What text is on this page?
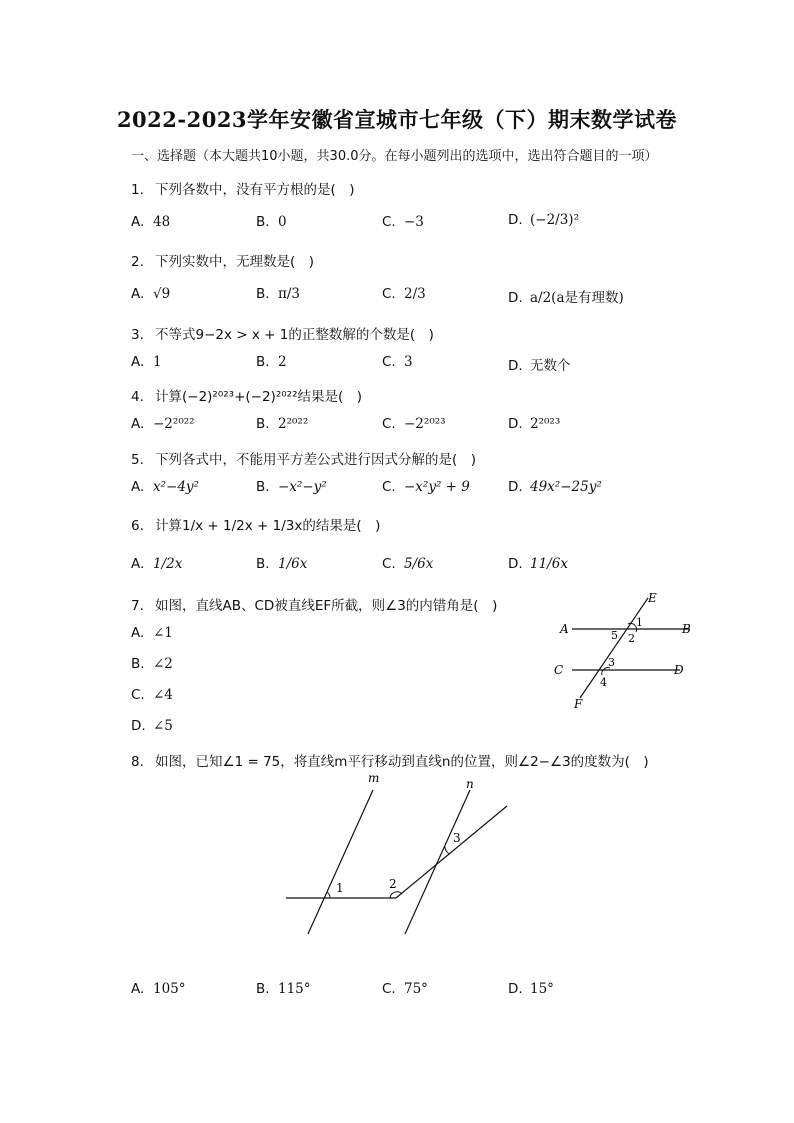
2022-2023学年安徽省宣城市七年级（下）期末数学试卷
一、选择题（本大题共10小题，共30.0分。在每小题列出的选项中，选出符合题目的一项）
1. 下列各数中，没有平方根的是(　)
A. 48	B. 0	C. −3	D. (−2/3)²
2. 下列实数中，无理数是(　)
A. √9	B. π/3	C. 2/3	D. a/2(a是有理数)
3. 不等式9−2x > x + 1的正整数解的个数是(　)
A. 1	B. 2	C. 3	D. 无数个
4. 计算(−2)²⁰²³+(−2)²⁰²²结果是(　)
A. −2²⁰²²	B. 2²⁰²²	C. −2²⁰²³	D. 2²⁰²³
5. 下列各式中，不能用平方差公式进行因式分解的是(　)
A. x²−4y²	B. −x²−y²	C. −x²y² + 9	D. 49x²−25y²
6. 计算1/x + 1/2x + 1/3x的结果是(　)
A. 1/2x	B. 1/6x	C. 5/6x	D. 11/6x
7. 如图，直线AB、CD被直线EF所截，则∠3的内错角是(　)
A. ∠1
B. ∠2
C. ∠4
D. ∠5
E
A	B
1
5 2
C	D
3
4
F
8. 如图，已知∠1 = 75，将直线m平行移动到直线n的位置，则∠2−∠3的度数为(　)
m	n
1	2
3
A. 105°	B. 115°	C. 75°	D. 15°
